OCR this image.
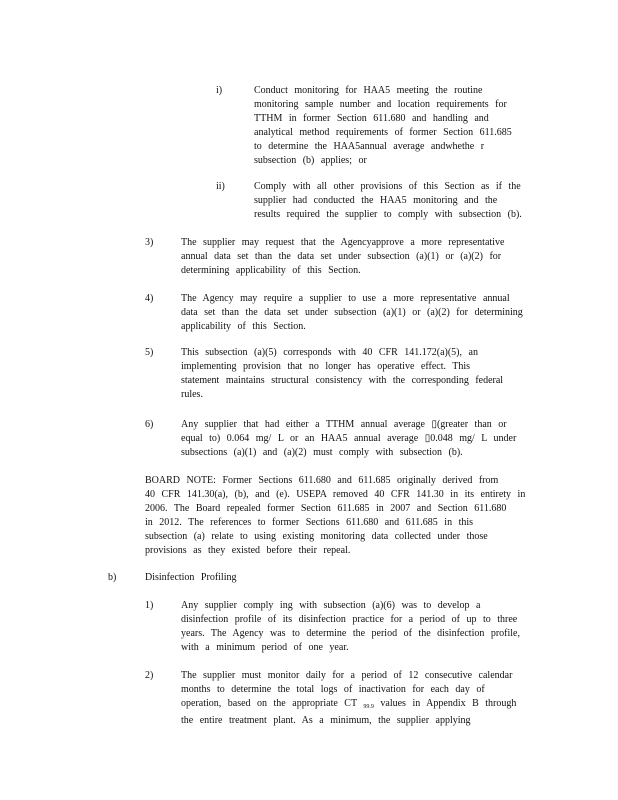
i)	Conduct monitoring for HAA5 meeting the routine
monitoring sample number and location requirements for
TTHM in former Section 611.680 and handling and
analytical method requirements of former Section 611.685
to determine the HAA5annual average andwhethe r
subsection (b) applies; or
ii)	Comply with all other provisions of this Section as if the
supplier had conducted the HAA5 monitoring and the
results required the supplier to comply with subsection (b).
3)	The supplier may request that the Agencyapprove a more representative
annual data set than the data set under subsection (a)(1) or (a)(2) for
determining applicability of this Section.
4)	The Agency may require a supplier to use a more representative annual
data set than the data set under subsection (a)(1) or (a)(2) for determining
applicability of this Section.
5)	This subsection (a)(5) corresponds with 40 CFR 141.172(a)(5), an
implementing provision that no longer has operative effect. This
statement maintains structural consistency with the corresponding federal
rules.
6)	Any supplier that had either a TTHM annual average ▯(greater than or
equal to) 0.064 mg/ L or an HAA5 annual average ▯0.048 mg/ L under
subsections (a)(1) and (a)(2) must comply with subsection (b).
BOARD NOTE: Former Sections 611.680 and 611.685 originally derived from
40 CFR 141.30(a), (b), and (e). USEPA removed 40 CFR 141.30 in its entirety in
2006. The Board repealed former Section 611.685 in 2007 and Section 611.680
in 2012. The references to former Sections 611.680 and 611.685 in this
subsection (a) relate to using existing monitoring data collected under those
provisions as they existed before their repeal.
b)	Disinfection Profiling
1)	Any supplier comply ing with subsection (a)(6) was to develop a
disinfection profile of its disinfection practice for a period of up to three
years. The Agency was to determine the period of the disinfection profile,
with a minimum period of one year.
2)	The supplier must monitor daily for a period of 12 consecutive calendar
months to determine the total logs of inactivation for each day of
operation, based on the appropriate CT $_{99.9}$ values in Appendix B through
the entire treatment plant. As a minimum, the supplier applying
